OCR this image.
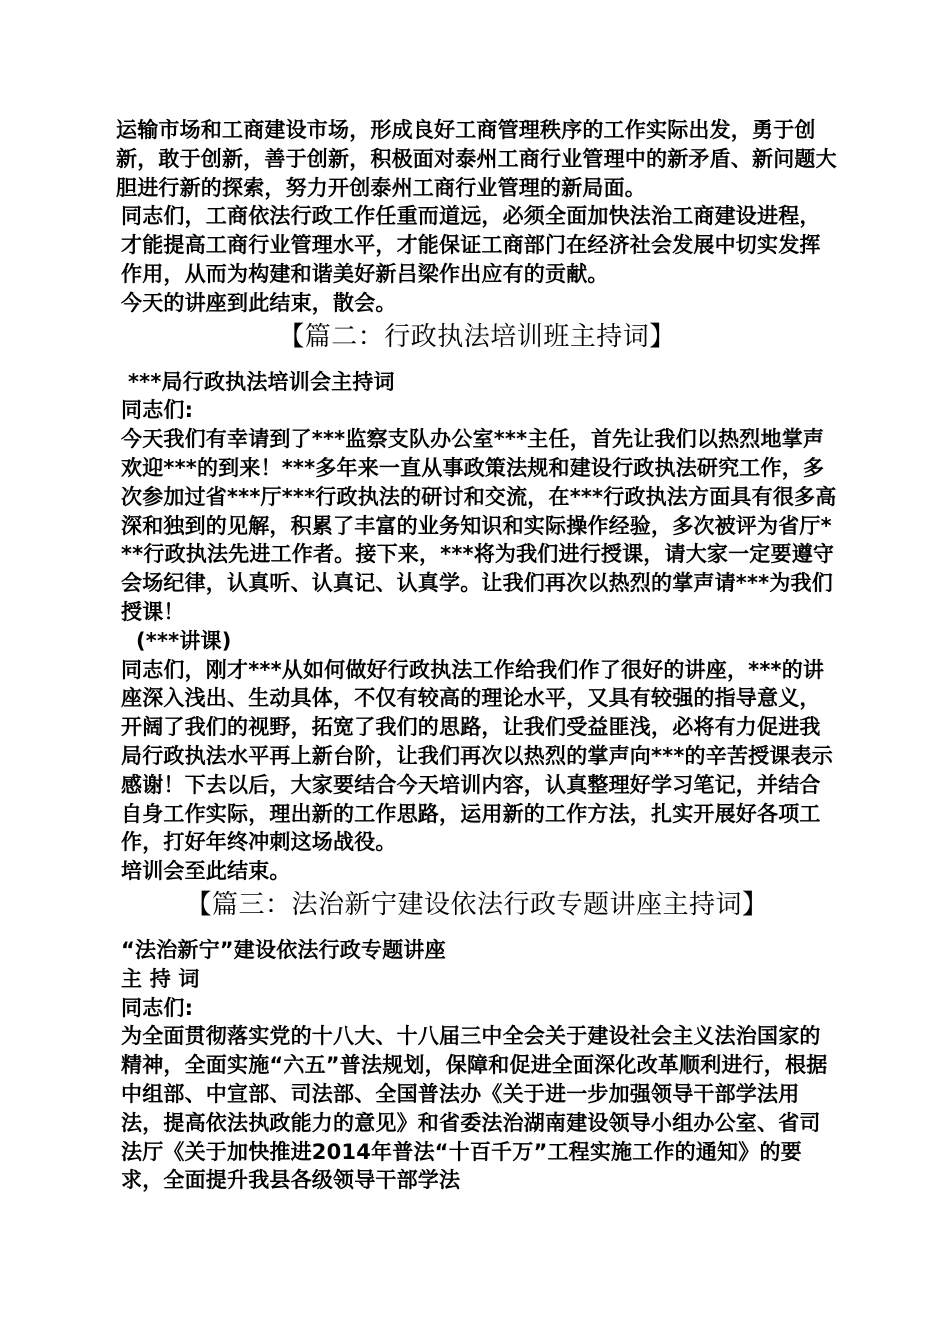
运输市场和工商建设市场，形成良好工商管理秩序的工作实际出发，勇于创新，敢于创新，善于创新，积极面对泰州工商行业管理中的新矛盾、新问题大胆进行新的探索，努力开创泰州工商行业管理的新局面。

同志们，工商依法行政工作任重而道远，必须全面加快法治工商建设进程，才能提高工商行业管理水平，才能保证工商部门在经济社会发展中切实发挥作用，从而为构建和谐美好新吕梁作出应有的贡献。

今天的讲座到此结束，散会。

【篇二：行政执法培训班主持词】

***局行政执法培训会主持词

同志们:

今天我们有幸请到了***监察支队办公室***主任，首先让我们以热烈地掌声欢迎***的到来！***多年来一直从事政策法规和建设行政执法研究工作，多次参加过省***厅***行政执法的研讨和交流，在***行政执法方面具有很多高深和独到的见解，积累了丰富的业务知识和实际操作经验，多次被评为省厅***行政执法先进工作者。接下来，***将为我们进行授课，请大家一定要遵守会场纪律，认真听、认真记、认真学。让我们再次以热烈的掌声请***为我们授课！

(***讲课)

同志们，刚才***从如何做好行政执法工作给我们作了很好的讲座，***的讲座深入浅出、生动具体，不仅有较高的理论水平，又具有较强的指导意义，开阔了我们的视野，拓宽了我们的思路，让我们受益匪浅，必将有力促进我局行政执法水平再上新台阶，让我们再次以热烈的掌声向***的辛苦授课表示感谢！下去以后，大家要结合今天培训内容，认真整理好学习笔记，并结合自身工作实际，理出新的工作思路，运用新的工作方法，扎实开展好各项工作，打好年终冲刺这场战役。

培训会至此结束。

【篇三：法治新宁建设依法行政专题讲座主持词】

“法治新宁”建设依法行政专题讲座

主 持 词

同志们:

为全面贯彻落实党的十八大、十八届三中全会关于建设社会主义法治国家的精神，全面实施“六五”普法规划，保障和促进全面深化改革顺利进行，根据中组部、中宣部、司法部、全国普法办《关于进一步加强领导干部学法用法，提高依法执政能力的意见》和省委法治湖南建设领导小组办公室、省司法厅《关于加快推进2014年普法“十百千万”工程实施工作的通知》的要求，全面提升我县各级领导干部学法
